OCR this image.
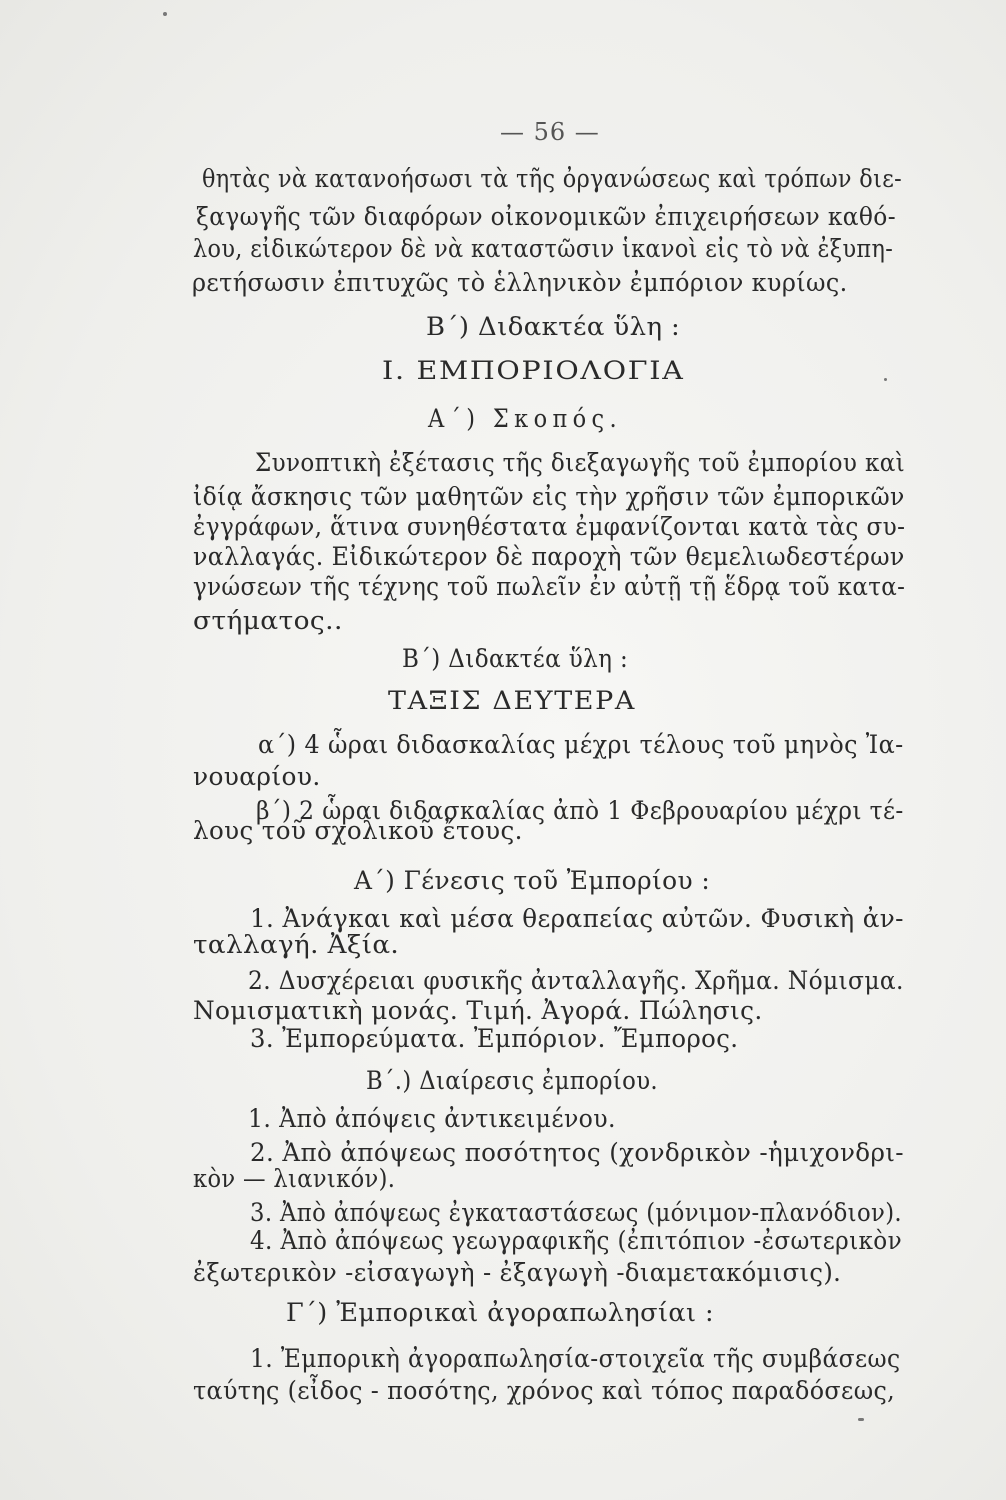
— 56 —
θητὰς νὰ κατανοήσωσι τὰ τῆς ὀργανώσεως καὶ τρόπων διε-
ξαγωγῆς τῶν διαφόρων οἰκονομικῶν ἐπιχειρήσεων καθό-
λου, εἰδικώτερον δὲ νὰ καταστῶσιν ἱκανοὶ εἰς τὸ νὰ ἐξυπη-
ρετήσωσιν ἐπιτυχῶς τὸ ἑλληνικὸν ἐμπόριον κυρίως.
Β΄) Διδακτέα ὕλη :
Ι. ΕΜΠΟΡΙΟΛΟΓΙΑ
Α΄) Σκοπός.
Συνοπτικὴ ἐξέτασις τῆς διεξαγωγῆς τοῦ ἐμπορίου καὶ
ἰδίᾳ ἄσκησις τῶν μαθητῶν εἰς τὴν χρῆσιν τῶν ἐμπορικῶν
ἐγγράφων, ἅτινα συνηθέστατα ἐμφανίζονται κατὰ τὰς συ-
ναλλαγάς. Εἰδικώτερον δὲ παροχὴ τῶν θεμελιωδεστέρων
γνώσεων τῆς τέχνης τοῦ πωλεῖν ἐν αὐτῇ τῇ ἕδρᾳ τοῦ κατα-
στήματος..
Β΄) Διδακτέα ὕλη :
ΤΑΞΙΣ ΔΕΥΤΕΡΑ
α΄) 4 ὧραι διδασκαλίας μέχρι τέλους τοῦ μηνὸς Ἰα-
νουαρίου.
β΄) 2 ὧραι διδασκαλίας ἀπὸ 1 Φεβρουαρίου μέχρι τέ-
λους τοῦ σχολικοῦ ἔτους.
Α΄) Γένεσις τοῦ Ἐμπορίου :
1. Ἀνάγκαι καὶ μέσα θεραπείας αὐτῶν. Φυσικὴ ἀν-
ταλλαγή. Ἀξία.
2. Δυσχέρειαι φυσικῆς ἀνταλλαγῆς. Χρῆμα. Νόμισμα.
Νομισματικὴ μονάς. Τιμή. Ἀγορά. Πώλησις.
3. Ἐμπορεύματα. Ἐμπόριον. Ἔμπορος.
Β΄.) Διαίρεσις ἐμπορίου.
1. Ἀπὸ ἀπόψεις ἀντικειμένου.
2. Ἀπὸ ἀπόψεως ποσότητος (χονδρικὸν -ἡμιχονδρι-
κὸν — λιανικόν).
3. Ἀπὸ ἀπόψεως ἐγκαταστάσεως (μόνιμον-πλανόδιον).
4. Ἀπὸ ἀπόψεως γεωγραφικῆς (ἐπιτόπιον -ἐσωτερικὸν
ἐξωτερικὸν -εἰσαγωγὴ - ἐξαγωγὴ -διαμετακόμισις).
Γ΄) Ἐμπορικαὶ ἀγοραπωλησίαι :
1. Ἐμπορικὴ ἀγοραπωλησία-στοιχεῖα τῆς συμβάσεως
ταύτης (εἶδος - ποσότης, χρόνος καὶ τόπος παραδόσεως,
